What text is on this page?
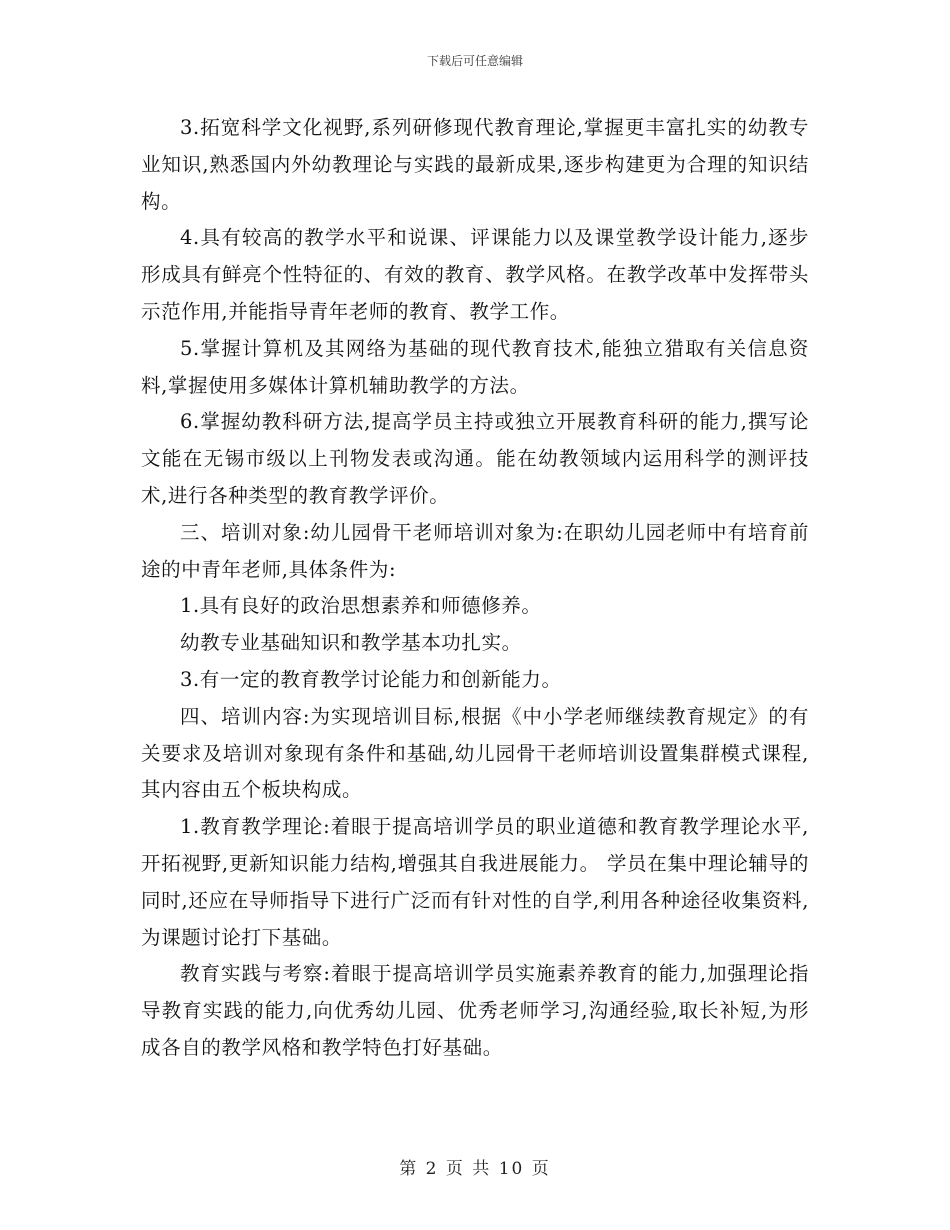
下载后可任意编辑

3.拓宽科学文化视野,系列研修现代教育理论,掌握更丰富扎实的幼教专业知识,熟悉国内外幼教理论与实践的最新成果,逐步构建更为合理的知识结构。

4.具有较高的教学水平和说课、评课能力以及课堂教学设计能力,逐步形成具有鲜亮个性特征的、有效的教育、教学风格。在教学改革中发挥带头示范作用,并能指导青年老师的教育、教学工作。

5.掌握计算机及其网络为基础的现代教育技术,能独立猎取有关信息资料,掌握使用多媒体计算机辅助教学的方法。

6.掌握幼教科研方法,提高学员主持或独立开展教育科研的能力,撰写论文能在无锡市级以上刊物发表或沟通。能在幼教领域内运用科学的测评技术,进行各种类型的教育教学评价。

三、培训对象:幼儿园骨干老师培训对象为:在职幼儿园老师中有培育前途的中青年老师,具体条件为:

1.具有良好的政治思想素养和师德修养。

幼教专业基础知识和教学基本功扎实。

3.有一定的教育教学讨论能力和创新能力。

四、培训内容:为实现培训目标,根据《中小学老师继续教育规定》的有关要求及培训对象现有条件和基础,幼儿园骨干老师培训设置集群模式课程,其内容由五个板块构成。

1.教育教学理论:着眼于提高培训学员的职业道德和教育教学理论水平,开拓视野,更新知识能力结构,增强其自我进展能力。 学员在集中理论辅导的同时,还应在导师指导下进行广泛而有针对性的自学,利用各种途径收集资料,为课题讨论打下基础。

教育实践与考察:着眼于提高培训学员实施素养教育的能力,加强理论指导教育实践的能力,向优秀幼儿园、优秀老师学习,沟通经验,取长补短,为形成各自的教学风格和教学特色打好基础。

第 2 页 共 10 页
